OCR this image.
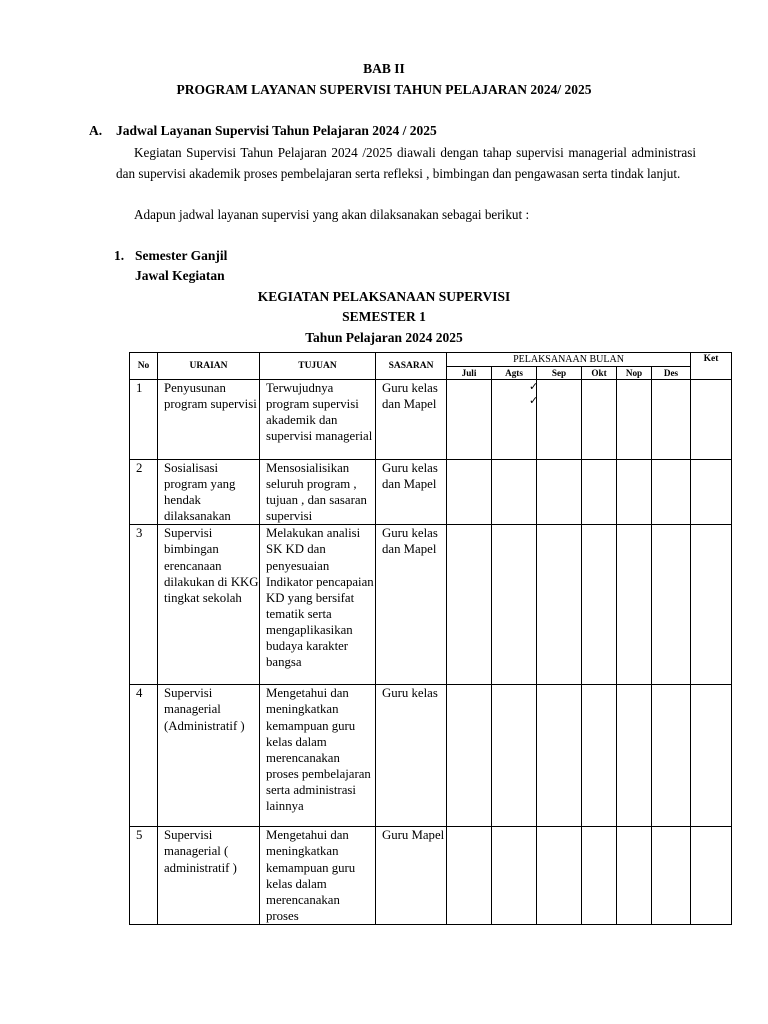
BAB II
PROGRAM LAYANAN SUPERVISI TAHUN PELAJARAN 2024/ 2025
A. Jadwal Layanan Supervisi Tahun Pelajaran 2024 / 2025
Kegiatan Supervisi Tahun Pelajaran 2024 /2025 diawali dengan tahap supervisi managerial administrasi dan supervisi akademik proses pembelajaran serta refleksi , bimbingan dan pengawasan serta tindak lanjut.
Adapun jadwal layanan supervisi yang akan dilaksanakan sebagai berikut :
1. Semester Ganjil
Jawal Kegiatan
KEGIATAN PELAKSANAAN SUPERVISI
SEMESTER 1
Tahun Pelajaran 2024 2025
No	URAIAN	TUJUAN	SASARAN	PELAKSANAAN BULAN						Ket
				Juli	Agts	Sep	Okt	Nop	Des	
1	Penyusunan program supervisi	Terwujudnya program supervisi akademik dan supervisi managerial	Guru kelas dan Mapel		✓
✓					

2	Sosialisasi program yang hendak dilaksanakan	Mensosialisikan seluruh program , tujuan , dan sasaran supervisi	Guru kelas dan Mapel							
3	Supervisi bimbingan erencanaan dilakukan di KKG tingkat sekolah	Melakukan analisi SK KD dan penyesuaian Indikator pencapaian KD yang bersifat tematik serta mengaplikasikan budaya karakter bangsa	Guru kelas dan Mapel							
4	Supervisi managerial (Administratif )	Mengetahui dan meningkatkan kemampuan guru kelas dalam merencanakan proses pembelajaran serta administrasi lainnya	Guru kelas							
5	Supervisi managerial ( administratif )	Mengetahui dan meningkatkan kemampuan guru kelas dalam merencanakan proses	Guru Mapel							
